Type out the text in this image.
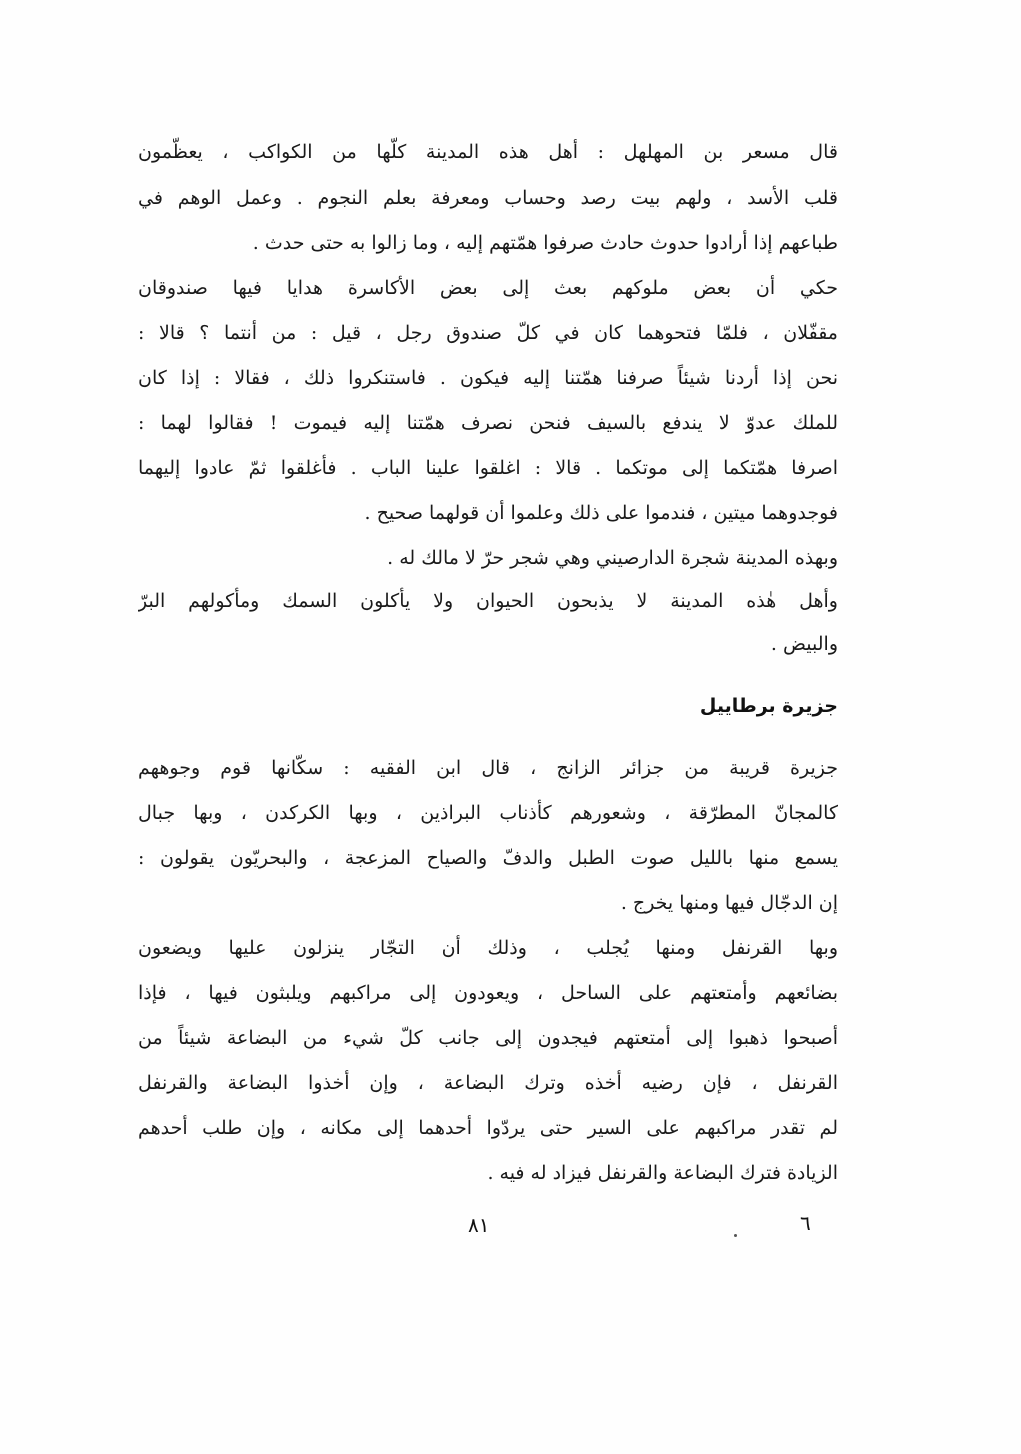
قال مسعر بن المهلهل : أهل هذه المدينة كلّها من الكواكب ، يعظّمون
قلب الأسد ، ولهم بيت رصد وحساب ومعرفة بعلم النجوم . وعمل الوهم في
طباعهم إذا أرادوا حدوث حادث صرفوا همّتهم إليه ، وما زالوا به حتى حدث .
حكي أن بعض ملوكهم بعث إلى بعض الأكاسرة هدايا فيها صندوقان
مقفّلان ، فلمّا فتحوهما كان في كلّ صندوق رجل ، قيل : من أنتما ؟ قالا :
نحن إذا أردنا شيئاً صرفنا همّتنا إليه فيكون . فاستنكروا ذلك ، فقالا : إذا كان
للملك عدوّ لا يندفع بالسيف فنحن نصرف همّتنا إليه فيموت ! فقالوا لهما :
اصرفا همّتكما إلى موتكما . قالا : اغلقوا علينا الباب . فأغلقوا ثمّ عادوا إليهما
فوجدوهما ميتين ، فندموا على ذلك وعلموا أن قولهما صحيح .
وبهذه المدينة شجرة الدارصيني وهي شجر حرّ لا مالك له .
وأهل هٰذه المدينة لا يذبحون الحيوان ولا يأكلون السمك ومأكولهم البرّ
والبيض .
جزيرة برطاييل
جزيرة قريبة من جزائر الزانج ، قال ابن الفقيه : سكّانها قوم وجوههم
كالمجانّ المطرّقة ، وشعورهم كأذناب البراذين ، وبها الكركدن ، وبها جبال
يسمع منها بالليل صوت الطبل والدفّ والصياح المزعجة ، والبحريّون يقولون :
إن الدجّال فيها ومنها يخرج .
وبها القرنفل ومنها يُجلب ، وذلك أن التجّار ينزلون عليها ويضعون
بضائعهم وأمتعتهم على الساحل ، ويعودون إلى مراكبهم ويلبثون فيها ، فإذا
أصبحوا ذهبوا إلى أمتعتهم فيجدون إلى جانب كلّ شيء من البضاعة شيئاً من
القرنفل ، فإن رضيه أخذه وترك البضاعة ، وإن أخذوا البضاعة والقرنفل
لم تقدر مراكبهم على السير حتى يردّوا أحدهما إلى مكانه ، وإن طلب أحدهم
الزيادة فترك البضاعة والقرنفل فيزاد له فيه .
٨١	٦
